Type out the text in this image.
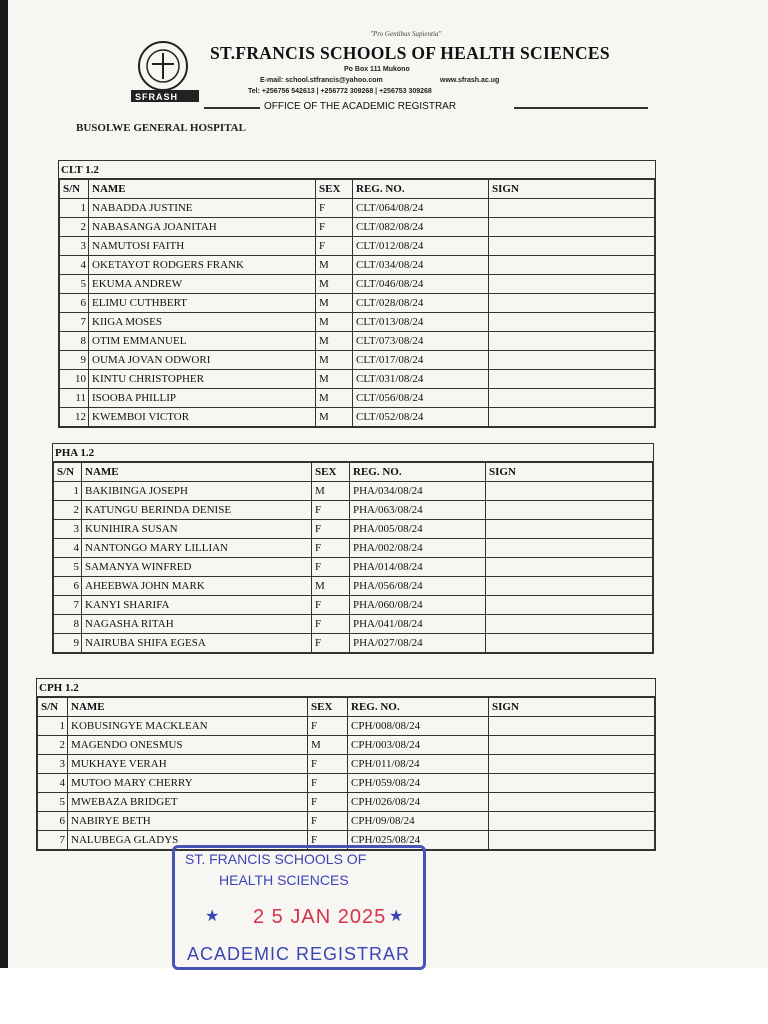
SFRASH
"Pro Gentibus Sapientia"
ST.FRANCIS SCHOOLS OF HEALTH SCIENCES
Po Box 111 Mukono
E-mail: school.stfrancis@yahoo.com	www.sfrash.ac.ug
Tel: +256756 542613 | +256772 309268 | +256753 309268
OFFICE OF THE ACADEMIC REGISTRAR
BUSOLWE GENERAL HOSPITAL
CLT 1.2
S/N	NAME	SEX	REG. NO.	SIGN
1	NABADDA JUSTINE	F	CLT/064/08/24	
2	NABASANGA JOANITAH	F	CLT/082/08/24	
3	NAMUTOSI FAITH	F	CLT/012/08/24	
4	OKETAYOT RODGERS FRANK	M	CLT/034/08/24	
5	EKUMA ANDREW	M	CLT/046/08/24	
6	ELIMU CUTHBERT	M	CLT/028/08/24	
7	KIIGA MOSES	M	CLT/013/08/24	
8	OTIM EMMANUEL	M	CLT/073/08/24	
9	OUMA JOVAN ODWORI	M	CLT/017/08/24	
10	KINTU CHRISTOPHER	M	CLT/031/08/24	
11	ISOOBA PHILLIP	M	CLT/056/08/24	
12	KWEMBOI VICTOR	M	CLT/052/08/24	
PHA 1.2
S/N	NAME	SEX	REG. NO.	SIGN
1	BAKIBINGA JOSEPH	M	PHA/034/08/24	
2	KATUNGU BERINDA DENISE	F	PHA/063/08/24	
3	KUNIHIRA SUSAN	F	PHA/005/08/24	
4	NANTONGO MARY LILLIAN	F	PHA/002/08/24	
5	SAMANYA WINFRED	F	PHA/014/08/24	
6	AHEEBWA JOHN MARK	M	PHA/056/08/24	
7	KANYI SHARIFA	F	PHA/060/08/24	
8	NAGASHA RITAH	F	PHA/041/08/24	
9	NAIRUBA SHIFA EGESA	F	PHA/027/08/24	
CPH 1.2
S/N	NAME	SEX	REG. NO.	SIGN
1	KOBUSINGYE MACKLEAN	F	CPH/008/08/24	
2	MAGENDO ONESMUS	M	CPH/003/08/24	
3	MUKHAYE VERAH	F	CPH/011/08/24	
4	MUTOO MARY CHERRY	F	CPH/059/08/24	
5	MWEBAZA BRIDGET	F	CPH/026/08/24	
6	NABIRYE BETH	F	CPH/09/08/24	
7	NALUBEGA GLADYS	F	CPH/025/08/24	
ST. FRANCIS SCHOOLS OF
HEALTH SCIENCES
★ 2 5 JAN 2025 ★
ACADEMIC REGISTRAR
